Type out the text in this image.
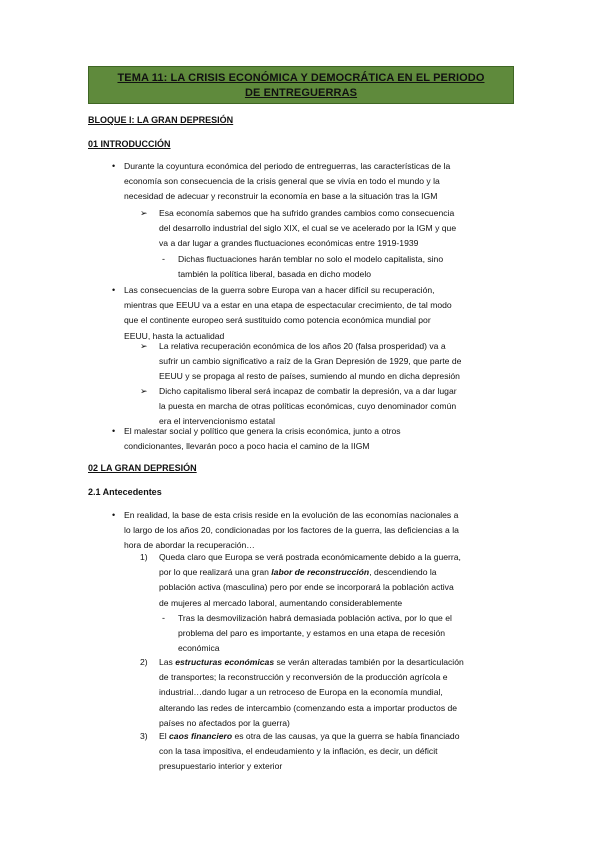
TEMA 11: LA CRISIS ECONÓMICA Y DEMOCRÁTICA EN EL PERIODO
DE ENTREGUERRAS
BLOQUE I: LA GRAN DEPRESIÓN
01 INTRODUCCIÓN
• Durante la coyuntura económica del periodo de entreguerras, las características de la
economía son consecuencia de la crisis general que se vivía en todo el mundo y la
necesidad de adecuar y reconstruir la economía en base a la situación tras la IGM
➢ Esa economía sabemos que ha sufrido grandes cambios como consecuencia
del desarrollo industrial del siglo XIX, el cual se ve acelerado por la IGM y que
va a dar lugar a grandes fluctuaciones económicas entre 1919-1939
- Dichas fluctuaciones harán temblar no solo el modelo capitalista, sino
también la política liberal, basada en dicho modelo
• Las consecuencias de la guerra sobre Europa van a hacer difícil su recuperación,
mientras que EEUU va a estar en una etapa de espectacular crecimiento, de tal modo
que el continente europeo será sustituido como potencia económica mundial por
EEUU, hasta la actualidad
➢ La relativa recuperación económica de los años 20 (falsa prosperidad) va a
sufrir un cambio significativo a raíz de la Gran Depresión de 1929, que parte de
EEUU y se propaga al resto de países, sumiendo al mundo en dicha depresión
➢ Dicho capitalismo liberal será incapaz de combatir la depresión, va a dar lugar
la puesta en marcha de otras políticas económicas, cuyo denominador común
era el intervencionismo estatal
• El malestar social y político que genera la crisis económica, junto a otros
condicionantes, llevarán poco a poco hacia el camino de la IIGM
02 LA GRAN DEPRESIÓN
2.1 Antecedentes
• En realidad, la base de esta crisis reside en la evolución de las economías nacionales a
lo largo de los años 20, condicionadas por los factores de la guerra, las deficiencias a la
hora de abordar la recuperación…
1) Queda claro que Europa se verá postrada económicamente debido a la guerra,
por lo que realizará una gran labor de reconstrucción, descendiendo la
población activa (masculina) pero por ende se incorporará la población activa
de mujeres al mercado laboral, aumentando considerablemente
- Tras la desmovilización habrá demasiada población activa, por lo que el
problema del paro es importante, y estamos en una etapa de recesión
económica
2) Las estructuras económicas se verán alteradas también por la desarticulación
de transportes; la reconstrucción y reconversión de la producción agrícola e
industrial…dando lugar a un retroceso de Europa en la economía mundial,
alterando las redes de intercambio (comenzando esta a importar productos de
países no afectados por la guerra)
3) El caos financiero es otra de las causas, ya que la guerra se había financiado
con la tasa impositiva, el endeudamiento y la inflación, es decir, un déficit
presupuestario interior y exterior
